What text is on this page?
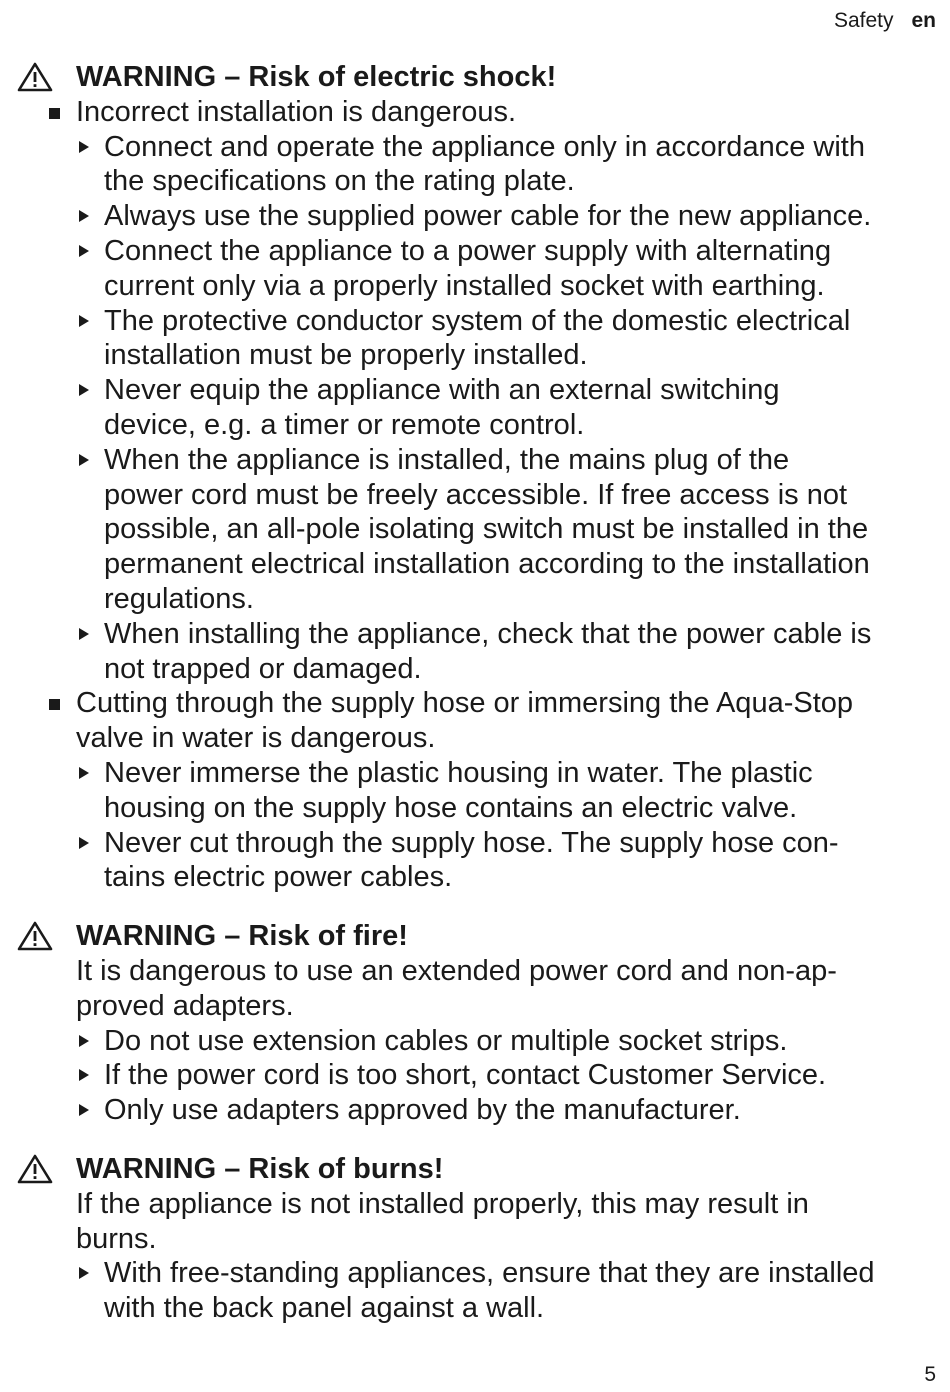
Safety en
WARNING – Risk of electric shock!
Incorrect installation is dangerous.
Connect and operate the appliance only in accordance with
the specifications on the rating plate.
Always use the supplied power cable for the new appliance.
Connect the appliance to a power supply with alternating
current only via a properly installed socket with earthing.
The protective conductor system of the domestic electrical
installation must be properly installed.
Never equip the appliance with an external switching
device, e.g. a timer or remote control.
When the appliance is installed, the mains plug of the
power cord must be freely accessible. If free access is not
possible, an all-pole isolating switch must be installed in the
permanent electrical installation according to the installation
regulations.
When installing the appliance, check that the power cable is
not trapped or damaged.
Cutting through the supply hose or immersing the Aqua-Stop
valve in water is dangerous.
Never immerse the plastic housing in water. The plastic
housing on the supply hose contains an electric valve.
Never cut through the supply hose. The supply hose con-
tains electric power cables.
WARNING – Risk of fire!
It is dangerous to use an extended power cord and non-ap-
proved adapters.
Do not use extension cables or multiple socket strips.
If the power cord is too short, contact Customer Service.
Only use adapters approved by the manufacturer.
WARNING – Risk of burns!
If the appliance is not installed properly, this may result in
burns.
With free-standing appliances, ensure that they are installed
with the back panel against a wall.
5
